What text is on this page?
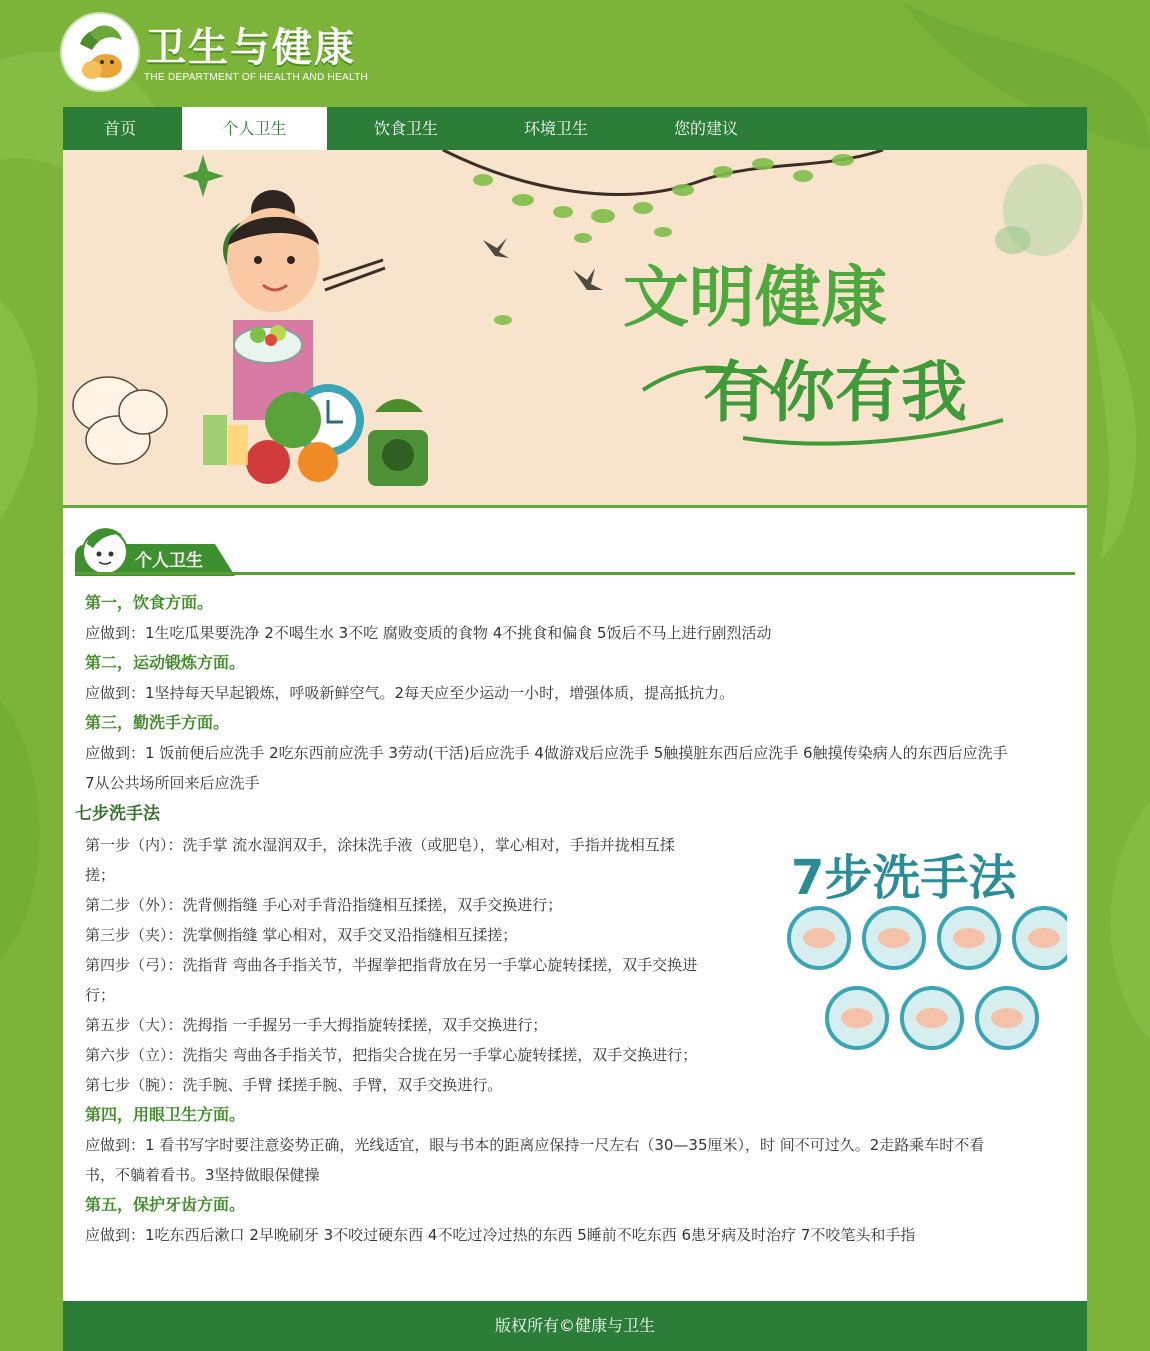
卫生与健康
THE DEPARTMENT OF HEALTH AND HEALTH
首页	个人卫生	饮食卫生	环境卫生	您的建议
文明健康
有你有我
个人卫生

第一，饮食方面。

应做到：1生吃瓜果要洗净 2不喝生水 3不吃 腐败变质的食物 4不挑食和偏食 5饭后不马上进行剧烈活动

第二，运动锻炼方面。

应做到：1坚持每天早起锻炼，呼吸新鲜空气。2每天应至少运动一小时，增强体质，提高抵抗力。

第三，勤洗手方面。

应做到：1 饭前便后应洗手 2吃东西前应洗手 3劳动(干活)后应洗手 4做游戏后应洗手 5触摸脏东西后应洗手 6触摸传染病人的东西后应洗手

7从公共场所回来后应洗手

七步洗手法

第一步（内）：洗手掌 流水湿润双手，涂抹洗手液（或肥皂），掌心相对，手指并拢相互揉

搓；

第二步（外）：洗背侧指缝 手心对手背沿指缝相互揉搓，双手交换进行；

第三步（夹）：洗掌侧指缝 掌心相对，双手交叉沿指缝相互揉搓；

第四步（弓）：洗指背 弯曲各手指关节，半握拳把指背放在另一手掌心旋转揉搓，双手交换进

行；

第五步（大）：洗拇指 一手握另一手大拇指旋转揉搓，双手交换进行；

第六步（立）：洗指尖 弯曲各手指关节，把指尖合拢在另一手掌心旋转揉搓，双手交换进行；

第七步（腕）：洗手腕、手臂 揉搓手腕、手臂，双手交换进行。

第四，用眼卫生方面。

应做到：1 看书写字时要注意姿势正确，光线适宜，眼与书本的距离应保持一尺左右（30—35厘米），时 间不可过久。2走路乘车时不看

书，不躺着看书。3坚持做眼保健操

第五，保护牙齿方面。

应做到：1吃东西后漱口 2早晚刷牙 3不咬过硬东西 4不吃过冷过热的东西 5睡前不吃东西 6患牙病及时治疗 7不咬笔头和手指

7步洗手法
版权所有©健康与卫生
